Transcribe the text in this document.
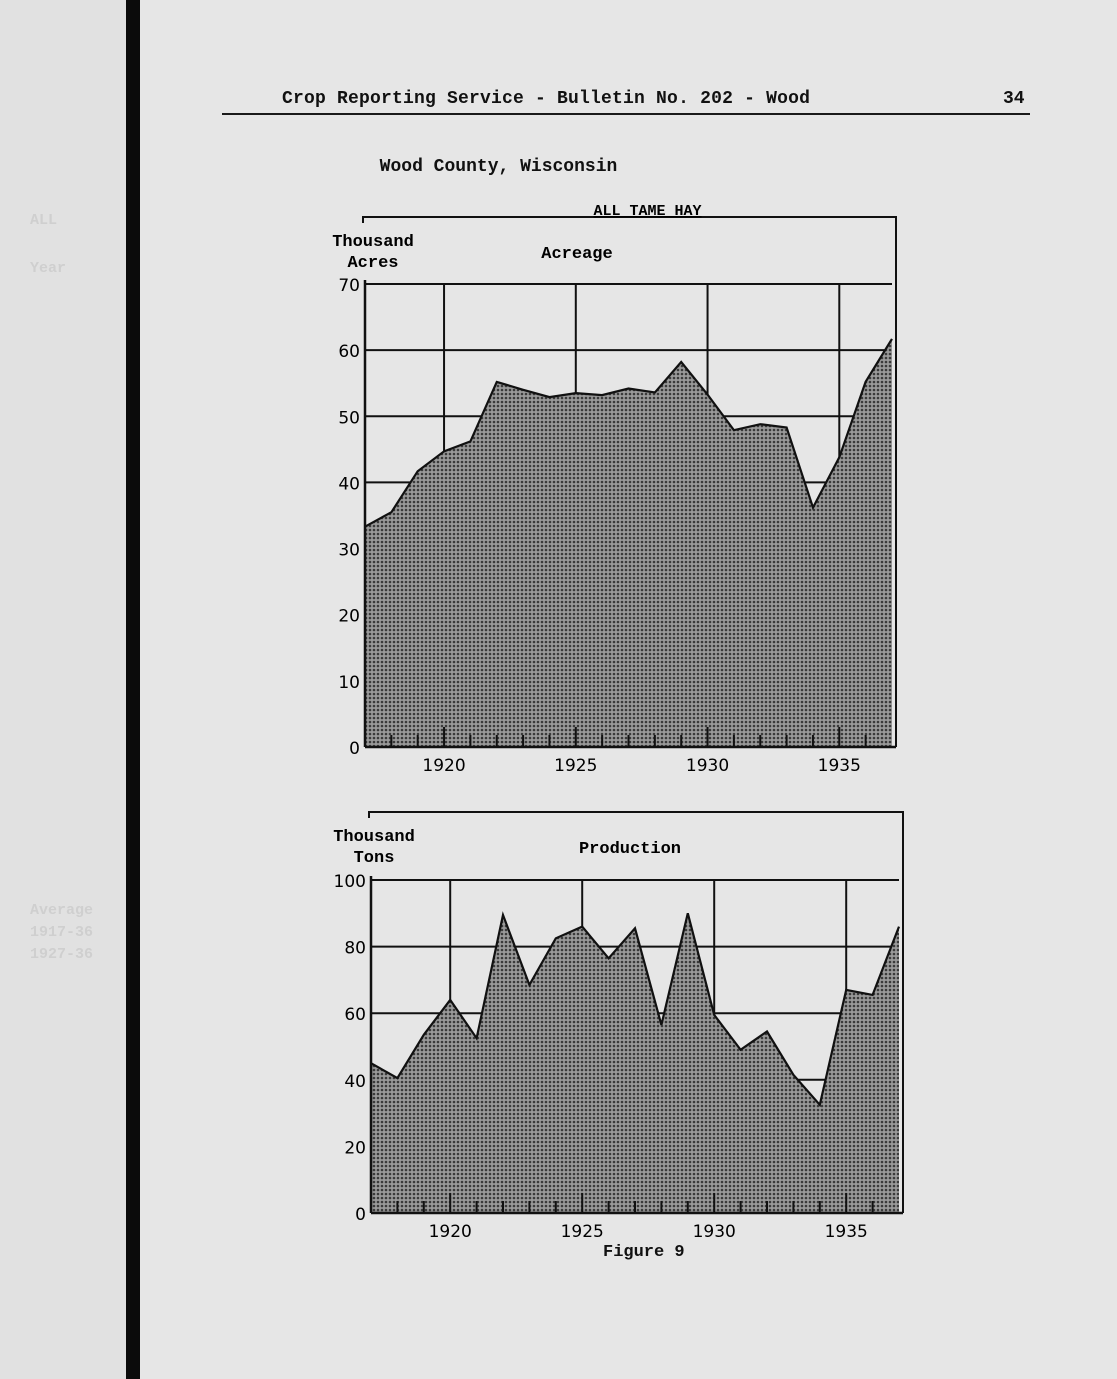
ALL
Year
Average
1917-36
1927-36
Crop Reporting Service - Bulletin No. 202 - Wood	34
Wood County, Wisconsin
ALL TAME HAY
Thousand
Acres	Acreage
0
10
20
30
40
50
60
70
1920	1925	1930	1935
Thousand
Tons	Production
0
20
40
60
80
100
1920	1925	1930	1935
Figure 9
